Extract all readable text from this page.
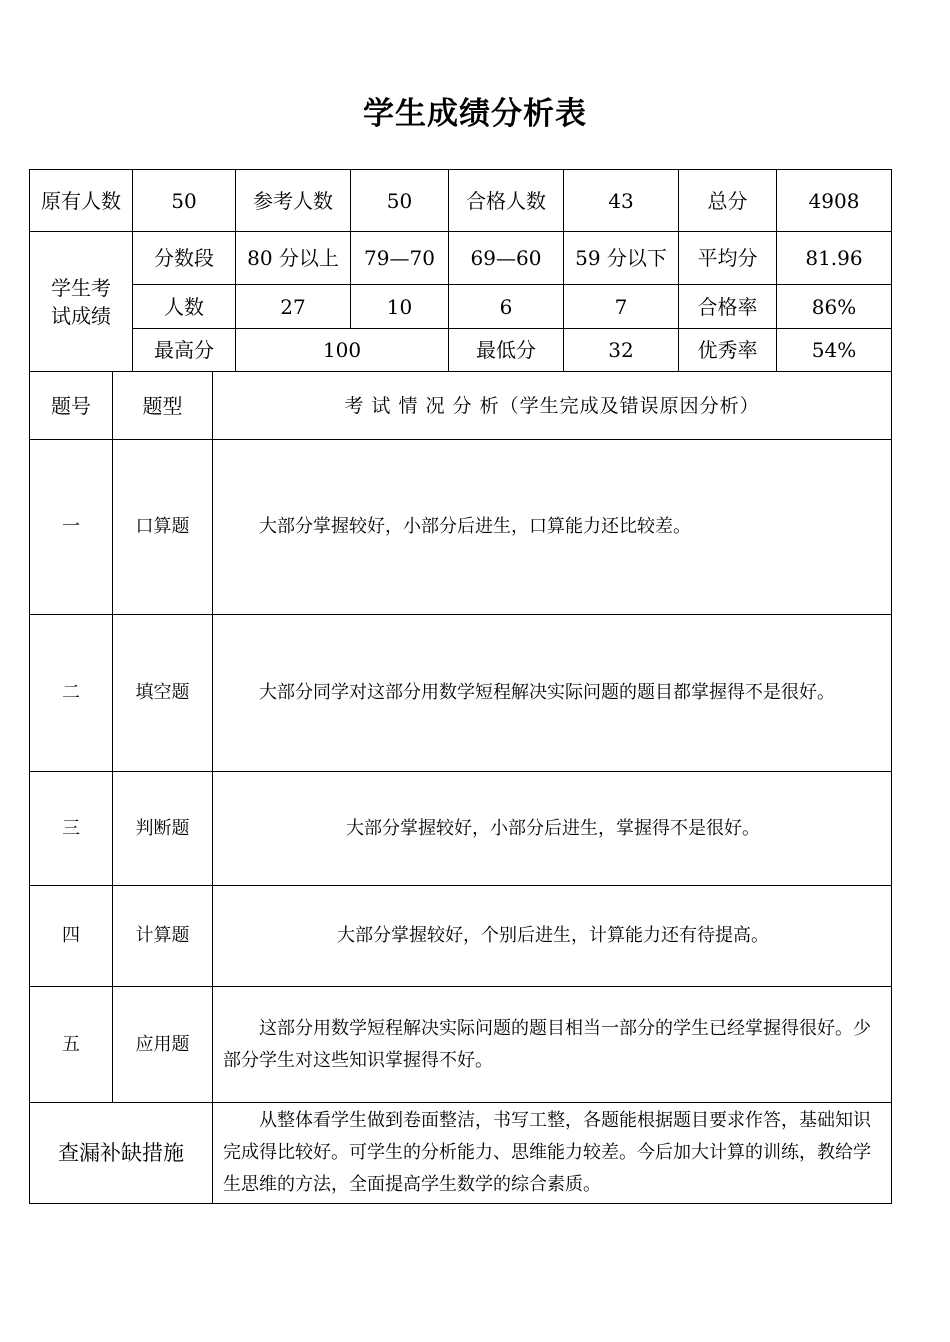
学生成绩分析表
原有人数	50	参考人数	50	合格人数	43	总分	4908
学生考试成绩	分数段	80 分以上	79—70	69—60	59 分以下	平均分	81.96
	人数	27	10	6	7	合格率	86%
	最高分	100		最低分	32	优秀率	54%
题号	题型	考 试 情 况 分 析（学生完成及错误原因分析）
一	口算题	大部分掌握较好，小部分后进生，口算能力还比较差。
二	填空题	大部分同学对这部分用数学短程解决实际问题的题目都掌握得不是很好。
三	判断题	大部分掌握较好，小部分后进生，掌握得不是很好。
四	计算题	大部分掌握较好，个别后进生，计算能力还有待提高。
五	应用题	这部分用数学短程解决实际问题的题目相当一部分的学生已经掌握得很好。少部分学生对这些知识掌握得不好。
查漏补缺措施		从整体看学生做到卷面整洁，书写工整，各题能根据题目要求作答，基础知识完成得比较好。可学生的分析能力、思维能力较差。今后加大计算的训练，教给学生思维的方法，全面提高学生数学的综合素质。
